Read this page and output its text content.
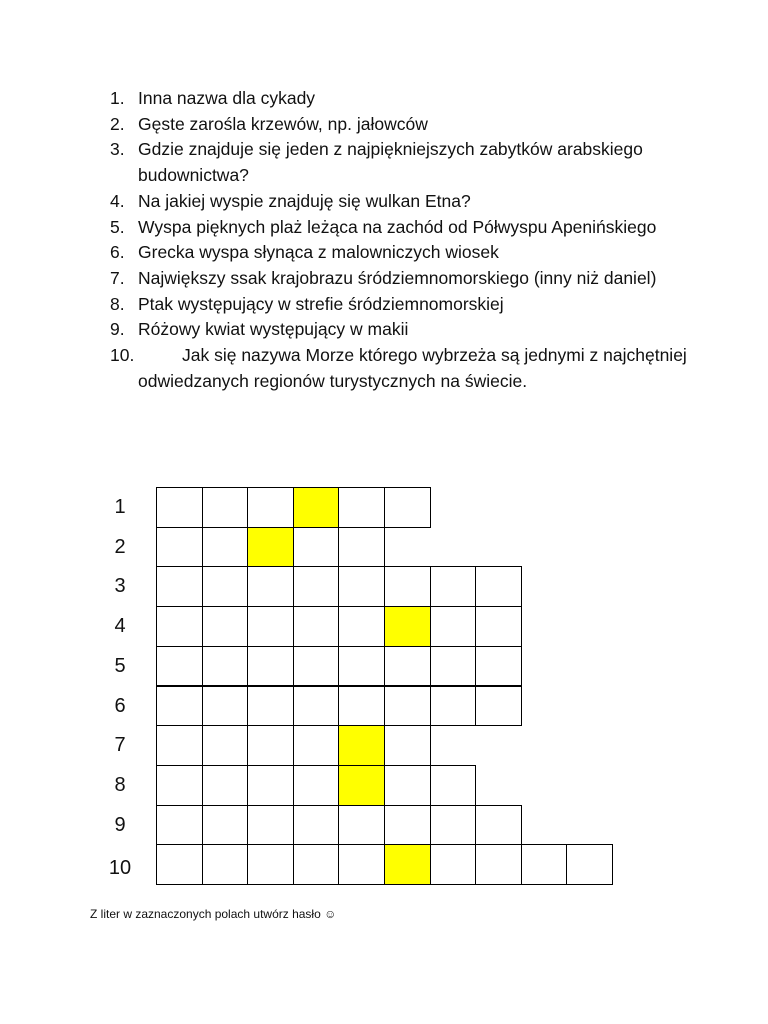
1. Inna nazwa dla cykady
2. Gęste zarośla krzewów, np. jałowców
3. Gdzie znajduje się jeden z najpiękniejszych zabytków arabskiego budownictwa?
4. Na jakiej wyspie znajduję się wulkan Etna?
5. Wyspa pięknych plaż leżąca na zachód od Półwyspu Apenińskiego
6. Grecka wyspa słynąca z malowniczych wiosek
7. Największy ssak krajobrazu śródziemnomorskiego (inny niż daniel)
8. Ptak występujący w strefie śródziemnomorskiej
9. Różowy kwiat występujący w makii
10.	Jak się nazywa Morze którego wybrzeża są jednymi z najchętniej odwiedzanych regionów turystycznych na świecie.
1
2
3
4
5
6
7
8
9
10
Z liter w zaznaczonych polach utwórz hasło ☺
